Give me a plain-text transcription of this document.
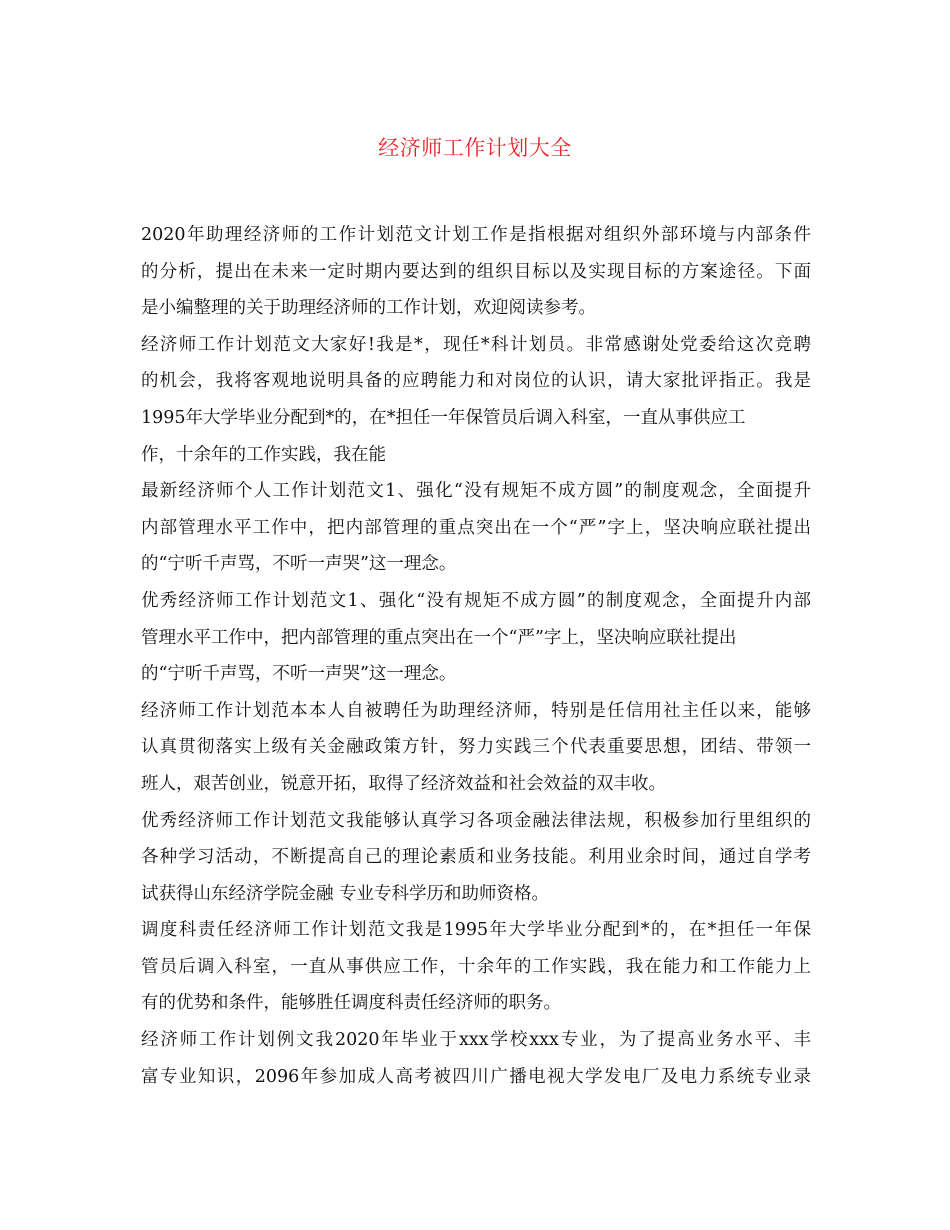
经济师工作计划大全
2020年助理经济师的工作计划范文计划工作是指根据对组织外部环境与内部条件
的分析，提出在未来一定时期内要达到的组织目标以及实现目标的方案途径。下面
是小编整理的关于助理经济师的工作计划，欢迎阅读参考。
经济师工作计划范文大家好!我是*，现任*科计划员。非常感谢处党委给这次竞聘
的机会，我将客观地说明具备的应聘能力和对岗位的认识，请大家批评指正。我是
1995年大学毕业分配到*的，在*担任一年保管员后调入科室，一直从事供应工
作，十余年的工作实践，我在能
最新经济师个人工作计划范文1、强化“没有规矩不成方圆”的制度观念，全面提升
内部管理水平工作中，把内部管理的重点突出在一个“严”字上，坚决响应联社提出
的“宁听千声骂，不听一声哭”这一理念。
优秀经济师工作计划范文1、强化“没有规矩不成方圆”的制度观念，全面提升内部
管理水平工作中，把内部管理的重点突出在一个“严”字上，坚决响应联社提出
的“宁听千声骂，不听一声哭”这一理念。
经济师工作计划范本本人自被聘任为助理经济师，特别是任信用社主任以来，能够
认真贯彻落实上级有关金融政策方针，努力实践三个代表重要思想，团结、带领一
班人，艰苦创业，锐意开拓，取得了经济效益和社会效益的双丰收。
优秀经济师工作计划范文我能够认真学习各项金融法律法规，积极参加行里组织的
各种学习活动，不断提高自己的理论素质和业务技能。利用业余时间，通过自学考
试获得山东经济学院金融 专业专科学历和助师资格。
调度科责任经济师工作计划范文我是1995年大学毕业分配到*的，在*担任一年保
管员后调入科室，一直从事供应工作，十余年的工作实践，我在能力和工作能力上
有的优势和条件，能够胜任调度科责任经济师的职务。
经济师工作计划例文我2020年毕业于xxx学校xxx专业，为了提高业务水平、丰
富专业知识，2096年参加成人高考被四川广播电视大学发电厂及电力系统专业录
